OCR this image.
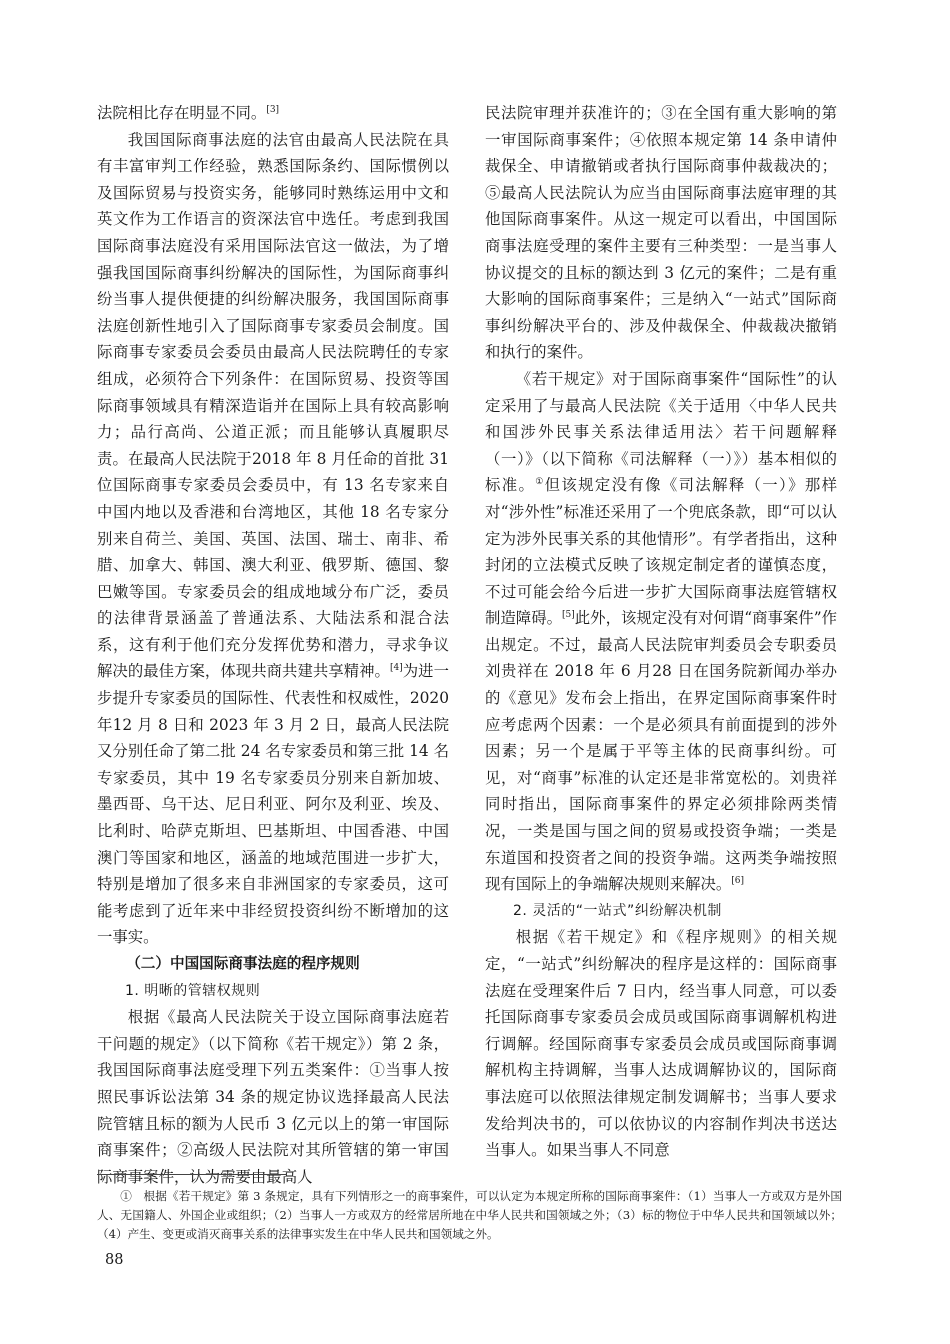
法院相比存在明显不同。[3]

我国国际商事法庭的法官由最高人民法院在具有丰富审判工作经验，熟悉国际条约、国际惯例以及国际贸易与投资实务，能够同时熟练运用中文和英文作为工作语言的资深法官中选任。考虑到我国国际商事法庭没有采用国际法官这一做法，为了增强我国国际商事纠纷解决的国际性，为国际商事纠纷当事人提供便捷的纠纷解决服务，我国国际商事法庭创新性地引入了国际商事专家委员会制度。国际商事专家委员会委员由最高人民法院聘任的专家组成，必须符合下列条件：在国际贸易、投资等国际商事领域具有精深造诣并在国际上具有较高影响力；品行高尚、公道正派；而且能够认真履职尽责。在最高人民法院于2018 年 8 月任命的首批 31 位国际商事专家委员会委员中，有 13 名专家来自中国内地以及香港和台湾地区，其他 18 名专家分别来自荷兰、美国、英国、法国、瑞士、南非、希腊、加拿大、韩国、澳大利亚、俄罗斯、德国、黎巴嫩等国。专家委员会的组成地域分布广泛，委员的法律背景涵盖了普通法系、大陆法系和混合法系，这有利于他们充分发挥优势和潜力，寻求争议解决的最佳方案，体现共商共建共享精神。[4]为进一步提升专家委员的国际性、代表性和权威性，2020 年12 月 8 日和 2023 年 3 月 2 日，最高人民法院又分别任命了第二批 24 名专家委员和第三批 14 名专家委员，其中 19 名专家委员分别来自新加坡、墨西哥、乌干达、尼日利亚、阿尔及利亚、埃及、比利时、哈萨克斯坦、巴基斯坦、中国香港、中国澳门等国家和地区，涵盖的地域范围进一步扩大，特别是增加了很多来自非洲国家的专家委员，这可能考虑到了近年来中非经贸投资纠纷不断增加的这一事实。

（二）中国国际商事法庭的程序规则

1. 明晰的管辖权规则

根据《最高人民法院关于设立国际商事法庭若干问题的规定》（以下简称《若干规定》）第 2 条，我国国际商事法庭受理下列五类案件：①当事人按照民事诉讼法第 34 条的规定协议选择最高人民法院管辖且标的额为人民币 3 亿元以上的第一审国际商事案件；②高级人民法院对其所管辖的第一审国际商事案件，认为需要由最高人

民法院审理并获准许的；③在全国有重大影响的第一审国际商事案件；④依照本规定第 14 条申请仲裁保全、申请撤销或者执行国际商事仲裁裁决的；⑤最高人民法院认为应当由国际商事法庭审理的其他国际商事案件。从这一规定可以看出，中国国际商事法庭受理的案件主要有三种类型：一是当事人协议提交的且标的额达到 3 亿元的案件；二是有重大影响的国际商事案件；三是纳入“一站式”国际商事纠纷解决平台的、涉及仲裁保全、仲裁裁决撤销和执行的案件。

《若干规定》对于国际商事案件“国际性”的认定采用了与最高人民法院《关于适用〈中华人民共和国涉外民事关系法律适用法〉若干问题解释（一）》（以下简称《司法解释（一）》）基本相似的标准。①但该规定没有像《司法解释（一）》那样对“涉外性”标准还采用了一个兜底条款，即“可以认定为涉外民事关系的其他情形”。有学者指出，这种封闭的立法模式反映了该规定制定者的谨慎态度，不过可能会给今后进一步扩大国际商事法庭管辖权制造障碍。[5]此外，该规定没有对何谓“商事案件”作出规定。不过，最高人民法院审判委员会专职委员刘贵祥在 2018 年 6 月28 日在国务院新闻办举办的《意见》发布会上指出，在界定国际商事案件时应考虑两个因素：一个是必须具有前面提到的涉外因素；另一个是属于平等主体的民商事纠纷。可见，对“商事”标准的认定还是非常宽松的。刘贵祥同时指出，国际商事案件的界定必须排除两类情况，一类是国与国之间的贸易或投资争端；一类是东道国和投资者之间的投资争端。这两类争端按照现有国际上的争端解决规则来解决。[6]

2. 灵活的“一站式”纠纷解决机制

根据《若干规定》和《程序规则》的相关规定，“一站式”纠纷解决的程序是这样的：国际商事法庭在受理案件后 7 日内，经当事人同意，可以委托国际商事专家委员会成员或国际商事调解机构进行调解。经国际商事专家委员会成员或国际商事调解机构主持调解，当事人达成调解协议的，国际商事法庭可以依照法律规定制发调解书；当事人要求发给判决书的，可以依协议的内容制作判决书送达当事人。如果当事人不同意

① 根据《若干规定》第 3 条规定，具有下列情形之一的商事案件，可以认定为本规定所称的国际商事案件：（1）当事人一方或双方是外国人、无国籍人、外国企业或组织；（2）当事人一方或双方的经常居所地在中华人民共和国领域之外；（3）标的物位于中华人民共和国领域以外；（4）产生、变更或消灭商事关系的法律事实发生在中华人民共和国领域之外。

88
